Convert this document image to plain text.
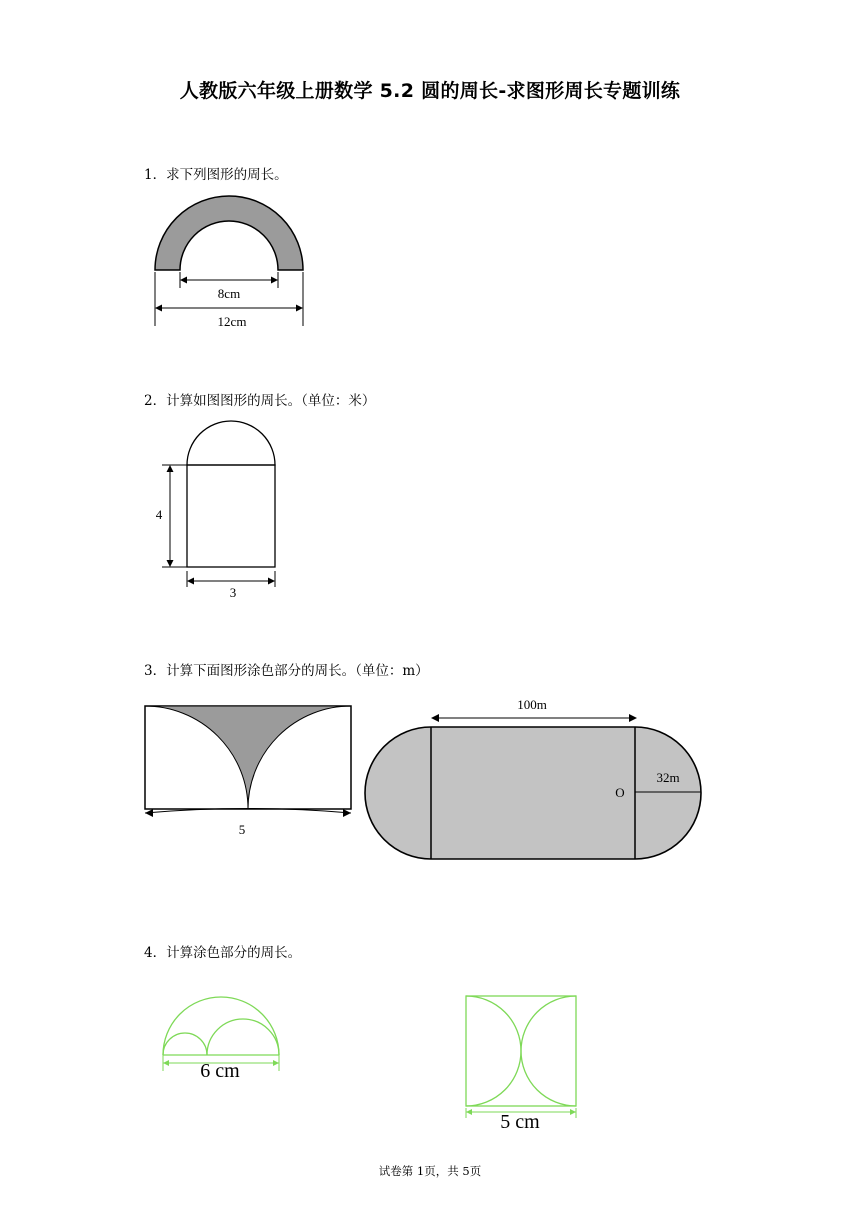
人教版六年级上册数学 5.2 圆的周长-求图形周长专题训练
1．求下列图形的周长。
8cm
12cm
2．计算如图图形的周长。（单位：米）
4
3
3．计算下面图形涂色部分的周长。（单位：m）
5
O
32m
100m
4．计算涂色部分的周长。
6 cm
5 cm
试卷第 1页，共 5页
